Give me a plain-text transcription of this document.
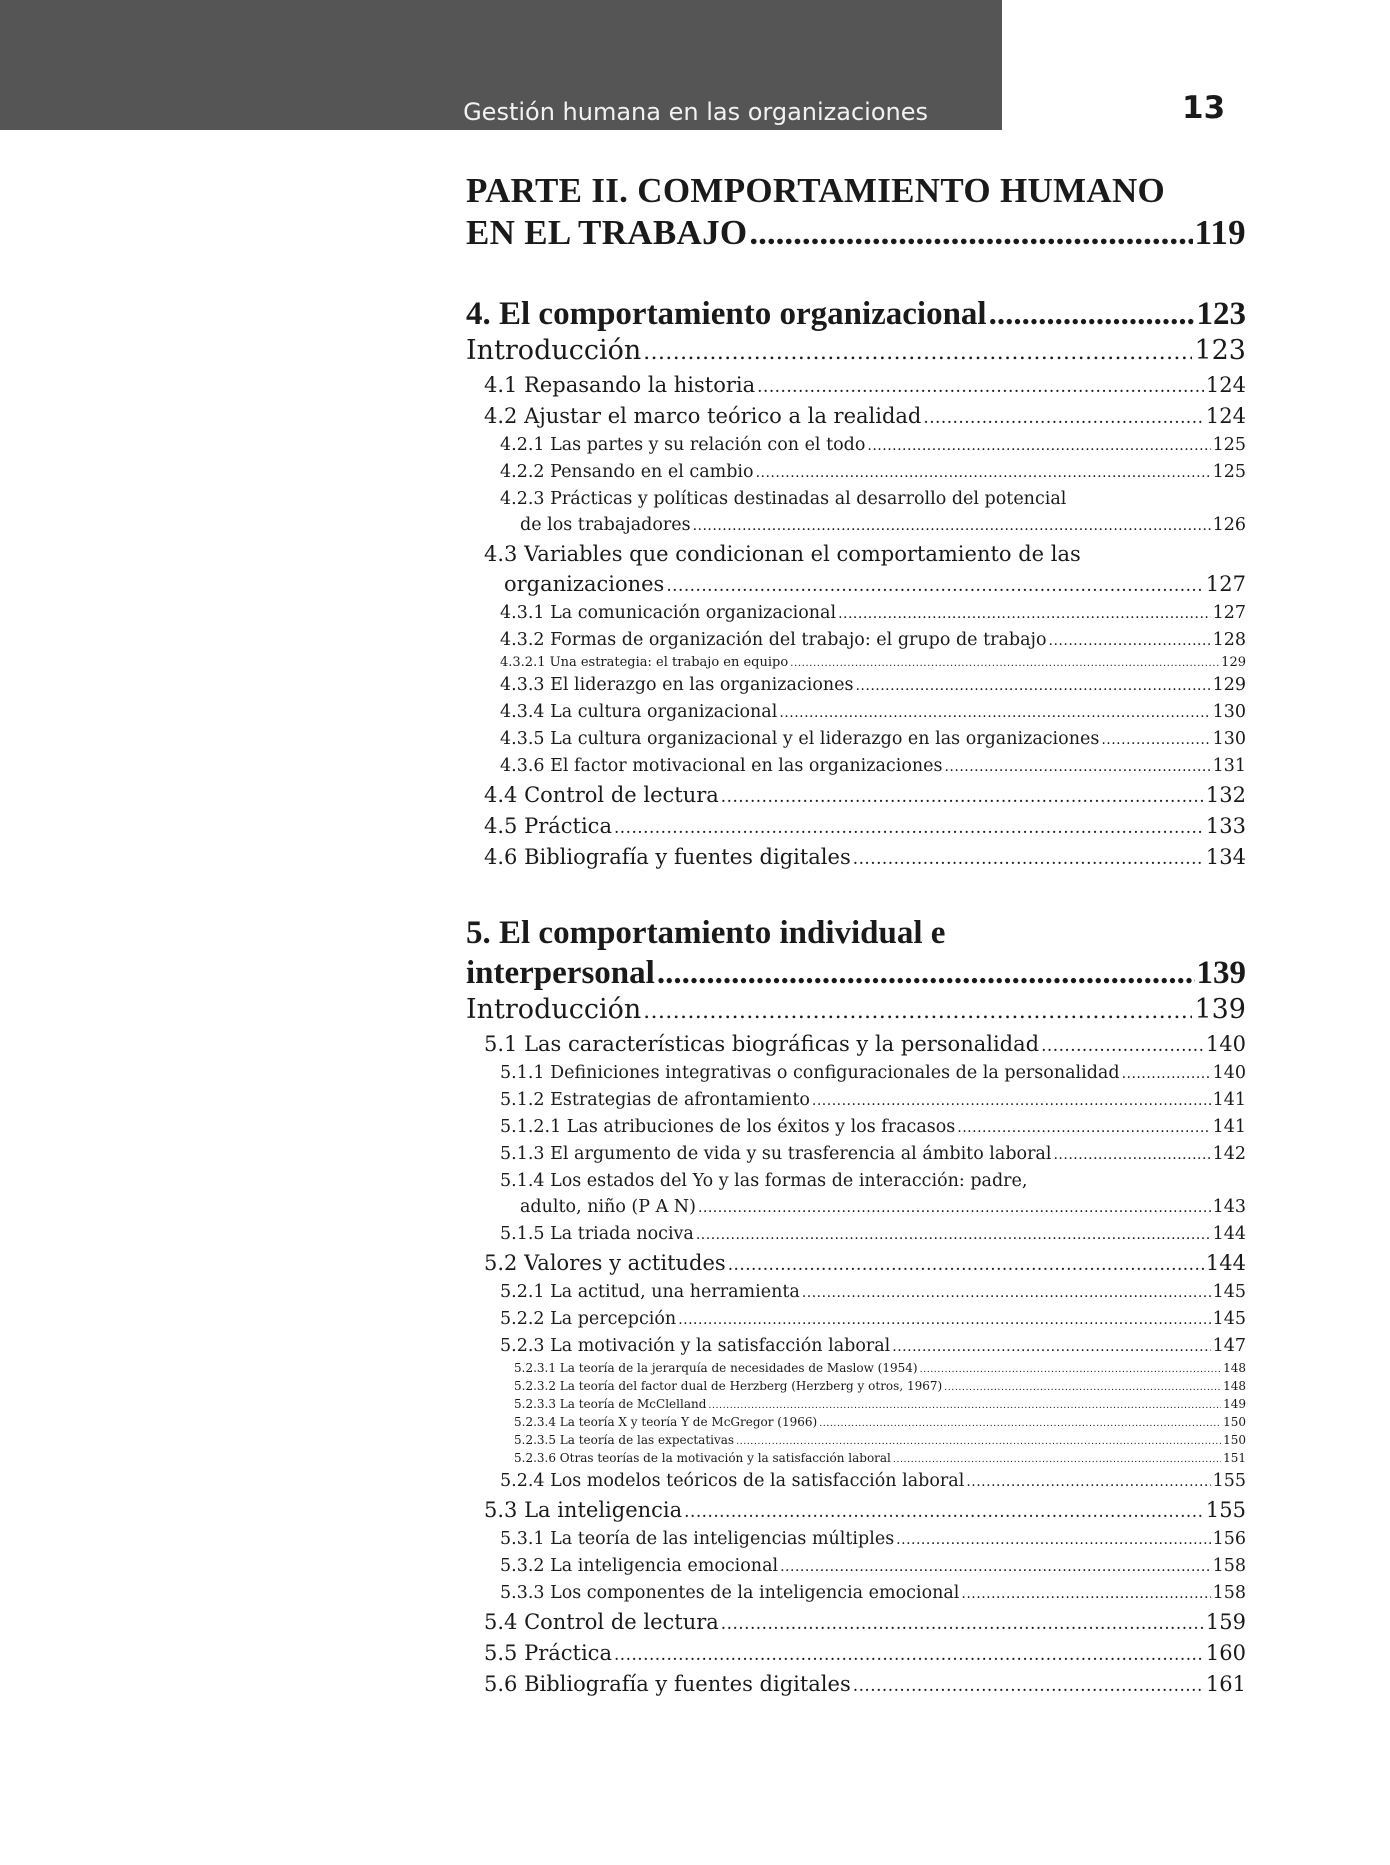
Gestión humana en las organizaciones	13
PARTE II. COMPORTAMIENTO HUMANO
EN EL TRABAJO .....	119
4. El comportamiento organizacional .....	123
Introducción .....	123
4.1 Repasando la historia .....	124
4.2 Ajustar el marco teórico a la realidad .....	124
4.2.1 Las partes y su relación con el todo .....	125
4.2.2 Pensando en el cambio .....	125
4.2.3 Prácticas y políticas destinadas al desarrollo del potencial
de los trabajadores .....	126
4.3 Variables que condicionan el comportamiento de las
organizaciones .....	127
4.3.1 La comunicación organizacional .....	127
4.3.2 Formas de organización del trabajo: el grupo de trabajo .....	128
4.3.2.1 Una estrategia: el trabajo en equipo .....	129
4.3.3 El liderazgo en las organizaciones .....	129
4.3.4 La cultura organizacional .....	130
4.3.5 La cultura organizacional y el liderazgo en las organizaciones .....	130
4.3.6 El factor motivacional en las organizaciones .....	131
4.4 Control de lectura .....	132
4.5 Práctica .....	133
4.6 Bibliografía y fuentes digitales .....	134
5. El comportamiento individual e
interpersonal .....	139
Introducción .....	139
5.1 Las características biográficas y la personalidad .....	140
5.1.1 Definiciones integrativas o configuracionales de la personalidad .....	140
5.1.2 Estrategias de afrontamiento .....	141
5.1.2.1 Las atribuciones de los éxitos y los fracasos .....	141
5.1.3 El argumento de vida y su trasferencia al ámbito laboral .....	142
5.1.4 Los estados del Yo y las formas de interacción: padre,
adulto, niño (P A N) .....	143
5.1.5 La triada nociva .....	144
5.2 Valores y actitudes .....	144
5.2.1 La actitud, una herramienta .....	145
5.2.2 La percepción .....	145
5.2.3 La motivación y la satisfacción laboral .....	147
5.2.3.1 La teoría de la jerarquía de necesidades de Maslow (1954) .....	148
5.2.3.2 La teoría del factor dual de Herzberg (Herzberg y otros, 1967) .....	148
5.2.3.3 La teoría de McClelland .....	149
5.2.3.4 La teoría X y teoría Y de McGregor (1966) .....	150
5.2.3.5 La teoría de las expectativas .....	150
5.2.3.6 Otras teorías de la motivación y la satisfacción laboral .....	151
5.2.4 Los modelos teóricos de la satisfacción laboral .....	155
5.3 La inteligencia .....	155
5.3.1 La teoría de las inteligencias múltiples .....	156
5.3.2 La inteligencia emocional .....	158
5.3.3 Los componentes de la inteligencia emocional .....	158
5.4 Control de lectura .....	159
5.5 Práctica .....	160
5.6 Bibliografía y fuentes digitales .....	161
